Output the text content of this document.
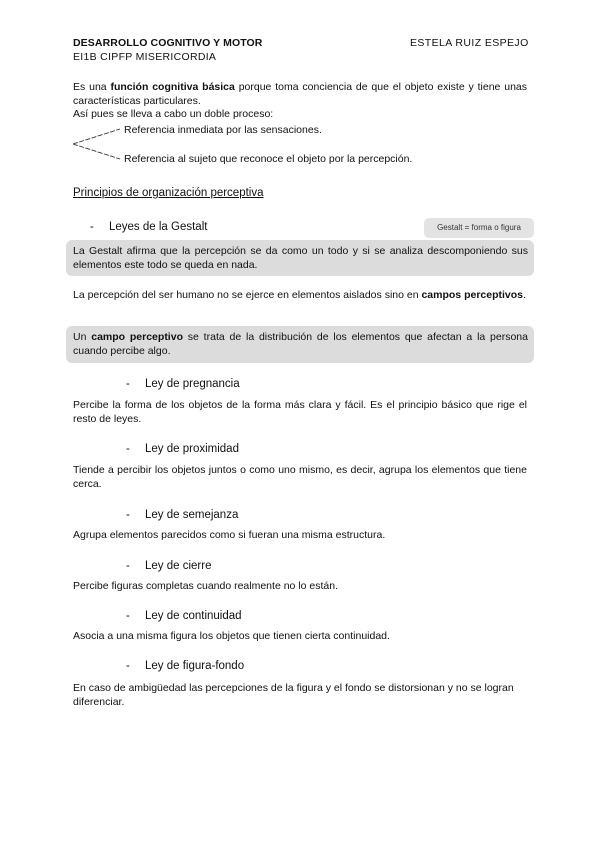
DESARROLLO COGNITIVO Y MOTOR	ESTELA RUIZ ESPEJO
EI1B CIPFP MISERICORDIA
Es una función cognitiva básica porque toma conciencia de que el objeto existe y tiene unas características particulares.
Así pues se lleva a cabo un doble proceso:
Referencia inmediata por las sensaciones.
Referencia al sujeto que reconoce el objeto por la percepción.
Principios de organización perceptiva
- Leyes de la Gestalt	Gestalt = forma o figura
La Gestalt afirma que la percepción se da como un todo y si se analiza descomponiendo sus elementos este todo se queda en nada.
La percepción del ser humano no se ejerce en elementos aislados sino en campos perceptivos.
Un campo perceptivo se trata de la distribución de los elementos que afectan a la persona cuando percibe algo.
- Ley de pregnancia
Percibe la forma de los objetos de la forma más clara y fácil. Es el principio básico que rige el resto de leyes.
- Ley de proximidad
Tiende a percibir los objetos juntos o como uno mismo, es decir, agrupa los elementos que tiene cerca.
- Ley de semejanza
Agrupa elementos parecidos como si fueran una misma estructura.
- Ley de cierre
Percibe figuras completas cuando realmente no lo están.
- Ley de continuidad
Asocia a una misma figura los objetos que tienen cierta continuidad.
- Ley de figura-fondo
En caso de ambigüedad las percepciones de la figura y el fondo se distorsionan y no se logran diferenciar.
